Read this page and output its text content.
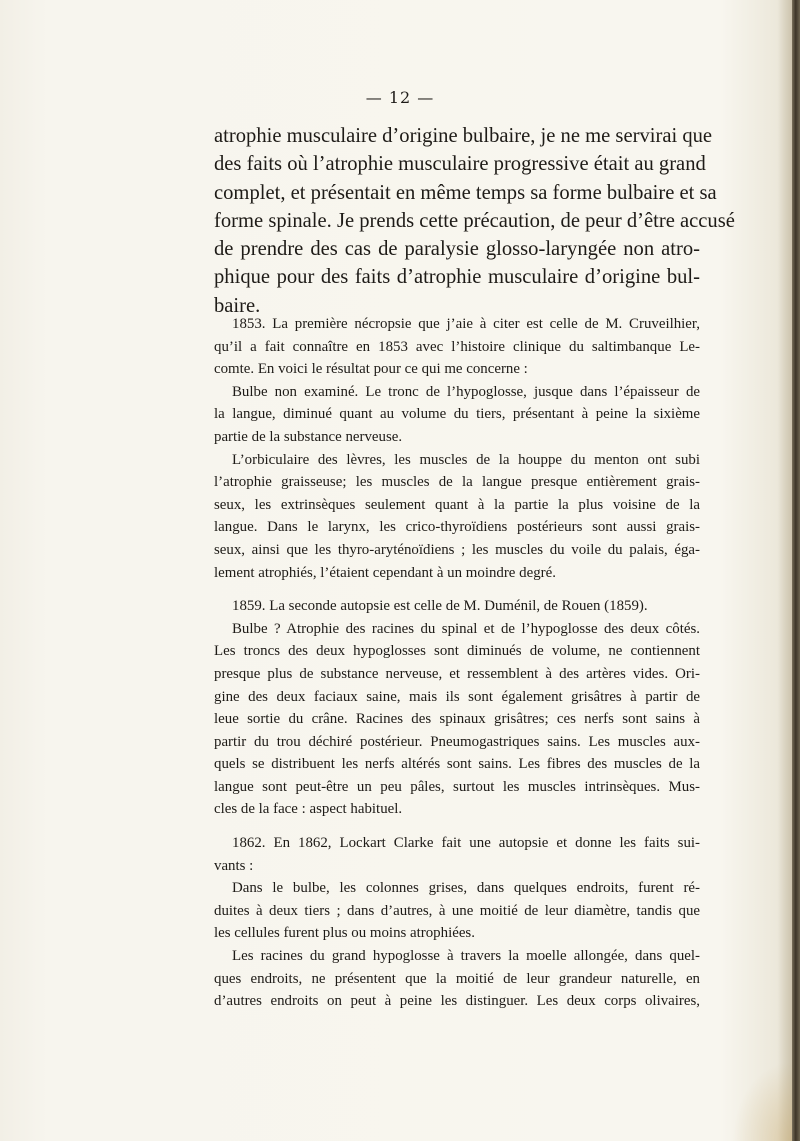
— 12 —
atrophie musculaire d’origine bulbaire, je ne me servirai que
des faits où l’atrophie musculaire progressive était au grand
complet, et présentait en même temps sa forme bulbaire et sa
forme spinale. Je prends cette précaution, de peur d’être accusé
de prendre des cas de paralysie glosso-laryngée non atro-
phique pour des faits d’atrophie musculaire d’origine bul-
baire.
1853. La première nécropsie que j’aie à citer est celle de M. Cruveilhier,
qu’il a fait connaître en 1853 avec l’histoire clinique du saltimbanque Le-
comte. En voici le résultat pour ce qui me concerne :
Bulbe non examiné. Le tronc de l’hypoglosse, jusque dans l’épaisseur de
la langue, diminué quant au volume du tiers, présentant à peine la sixième
partie de la substance nerveuse.
L’orbiculaire des lèvres, les muscles de la houppe du menton ont subi
l’atrophie graisseuse; les muscles de la langue presque entièrement grais-
seux, les extrinsèques seulement quant à la partie la plus voisine de la
langue. Dans le larynx, les crico-thyroïdiens postérieurs sont aussi grais-
seux, ainsi que les thyro-aryténoïdiens ; les muscles du voile du palais, éga-
lement atrophiés, l’étaient cependant à un moindre degré.
1859. La seconde autopsie est celle de M. Duménil, de Rouen (1859).
Bulbe ? Atrophie des racines du spinal et de l’hypoglosse des deux côtés.
Les troncs des deux hypoglosses sont diminués de volume, ne contiennent
presque plus de substance nerveuse, et ressemblent à des artères vides. Ori-
gine des deux faciaux saine, mais ils sont également grisâtres à partir de
leue sortie du crâne. Racines des spinaux grisâtres; ces nerfs sont sains à
partir du trou déchiré postérieur. Pneumogastriques sains. Les muscles aux-
quels se distribuent les nerfs altérés sont sains. Les fibres des muscles de la
langue sont peut-être un peu pâles, surtout les muscles intrinsèques. Mus-
cles de la face : aspect habituel.
1862. En 1862, Lockart Clarke fait une autopsie et donne les faits sui-
vants :
Dans le bulbe, les colonnes grises, dans quelques endroits, furent ré-
duites à deux tiers ; dans d’autres, à une moitié de leur diamètre, tandis que
les cellules furent plus ou moins atrophiées.
Les racines du grand hypoglosse à travers la moelle allongée, dans quel-
ques endroits, ne présentent que la moitié de leur grandeur naturelle, en
d’autres endroits on peut à peine les distinguer. Les deux corps olivaires,
